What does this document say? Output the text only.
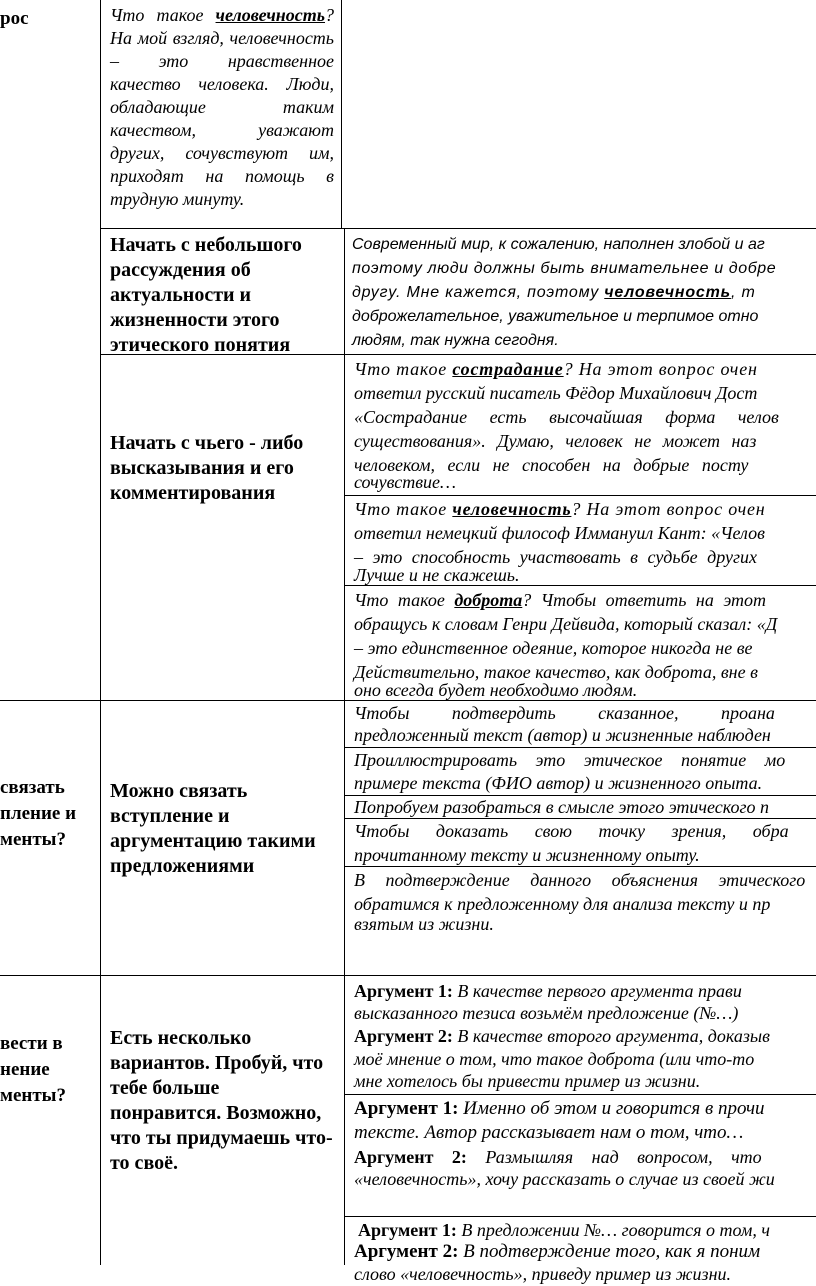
рос
связать
пление и
менты?
вести в
нение
менты?

Что такое человечность? На мой взгляд, человечность – это нравственное качество человека. Люди, обладающие таким качеством, уважают других, сочувствуют им, приходят на помощь в трудную минуту.

Начать с небольшого рассуждения об актуальности и жизненности этого этического понятия

Начать с чьего - либо высказывания и его комментирования

Можно связать вступление и аргументацию такими предложениями

Есть несколько вариантов. Пробуй, что тебе больше понравится. Возможно, что ты придумаешь что-то своё.

Современный мир, к сожалению, наполнен злобой и аг
поэтому люди должны быть внимательнее и добре
другу. Мне кажется, поэтому человечность, т
доброжелательное, уважительное и терпимое отно
людям, так нужна сегодня.
Что такое сострадание? На этот вопрос очен
ответил русский писатель Фёдор Михайлович Дост
«Сострадание есть высочайшая форма челов
существования». Думаю, человек не может наз
человеком, если не способен на добрые посту
сочувствие…
Что такое человечность? На этот вопрос очен
ответил немецкий философ Иммануил Кант: «Челов
– это способность участвовать в судьбе других
Лучше и не скажешь.
Что такое доброта? Чтобы ответить на этот
обращусь к словам Генри Дейвида, который сказал: «Д
– это единственное одеяние, которое никогда не ве
Действительно, такое качество, как доброта, вне в
оно всегда будет необходимо людям.
Чтобы подтвердить сказанное, проана
предложенный текст (автор) и жизненные наблюден
Проиллюстрировать это этическое понятие мо
примере текста (ФИО автор) и жизненного опыта.
Попробуем разобраться в смысле этого этического п
Чтобы доказать свою точку зрения, обра
прочитанному тексту и жизненному опыту.
В подтверждение данного объяснения этического
обратимся к предложенному для анализа тексту и пр
взятым из жизни.
Аргумент 1: В качестве первого аргумента прави
высказанного тезиса возьмём предложение (№…)
Аргумент 2: В качестве второго аргумента, доказыв
моё мнение о том, что такое доброта (или что-то
мне хотелось бы привести пример из жизни.
Аргумент 1: Именно об этом и говорится в прочи
тексте. Автор рассказывает нам о том, что…
Аргумент 2: Размышляя над вопросом, что
«человечность», хочу рассказать о случае из своей жи
Аргумент 1: В предложении №… говорится о том, ч
Аргумент 2: В подтверждение того, как я поним
слово «человечность», приведу пример из жизни.
